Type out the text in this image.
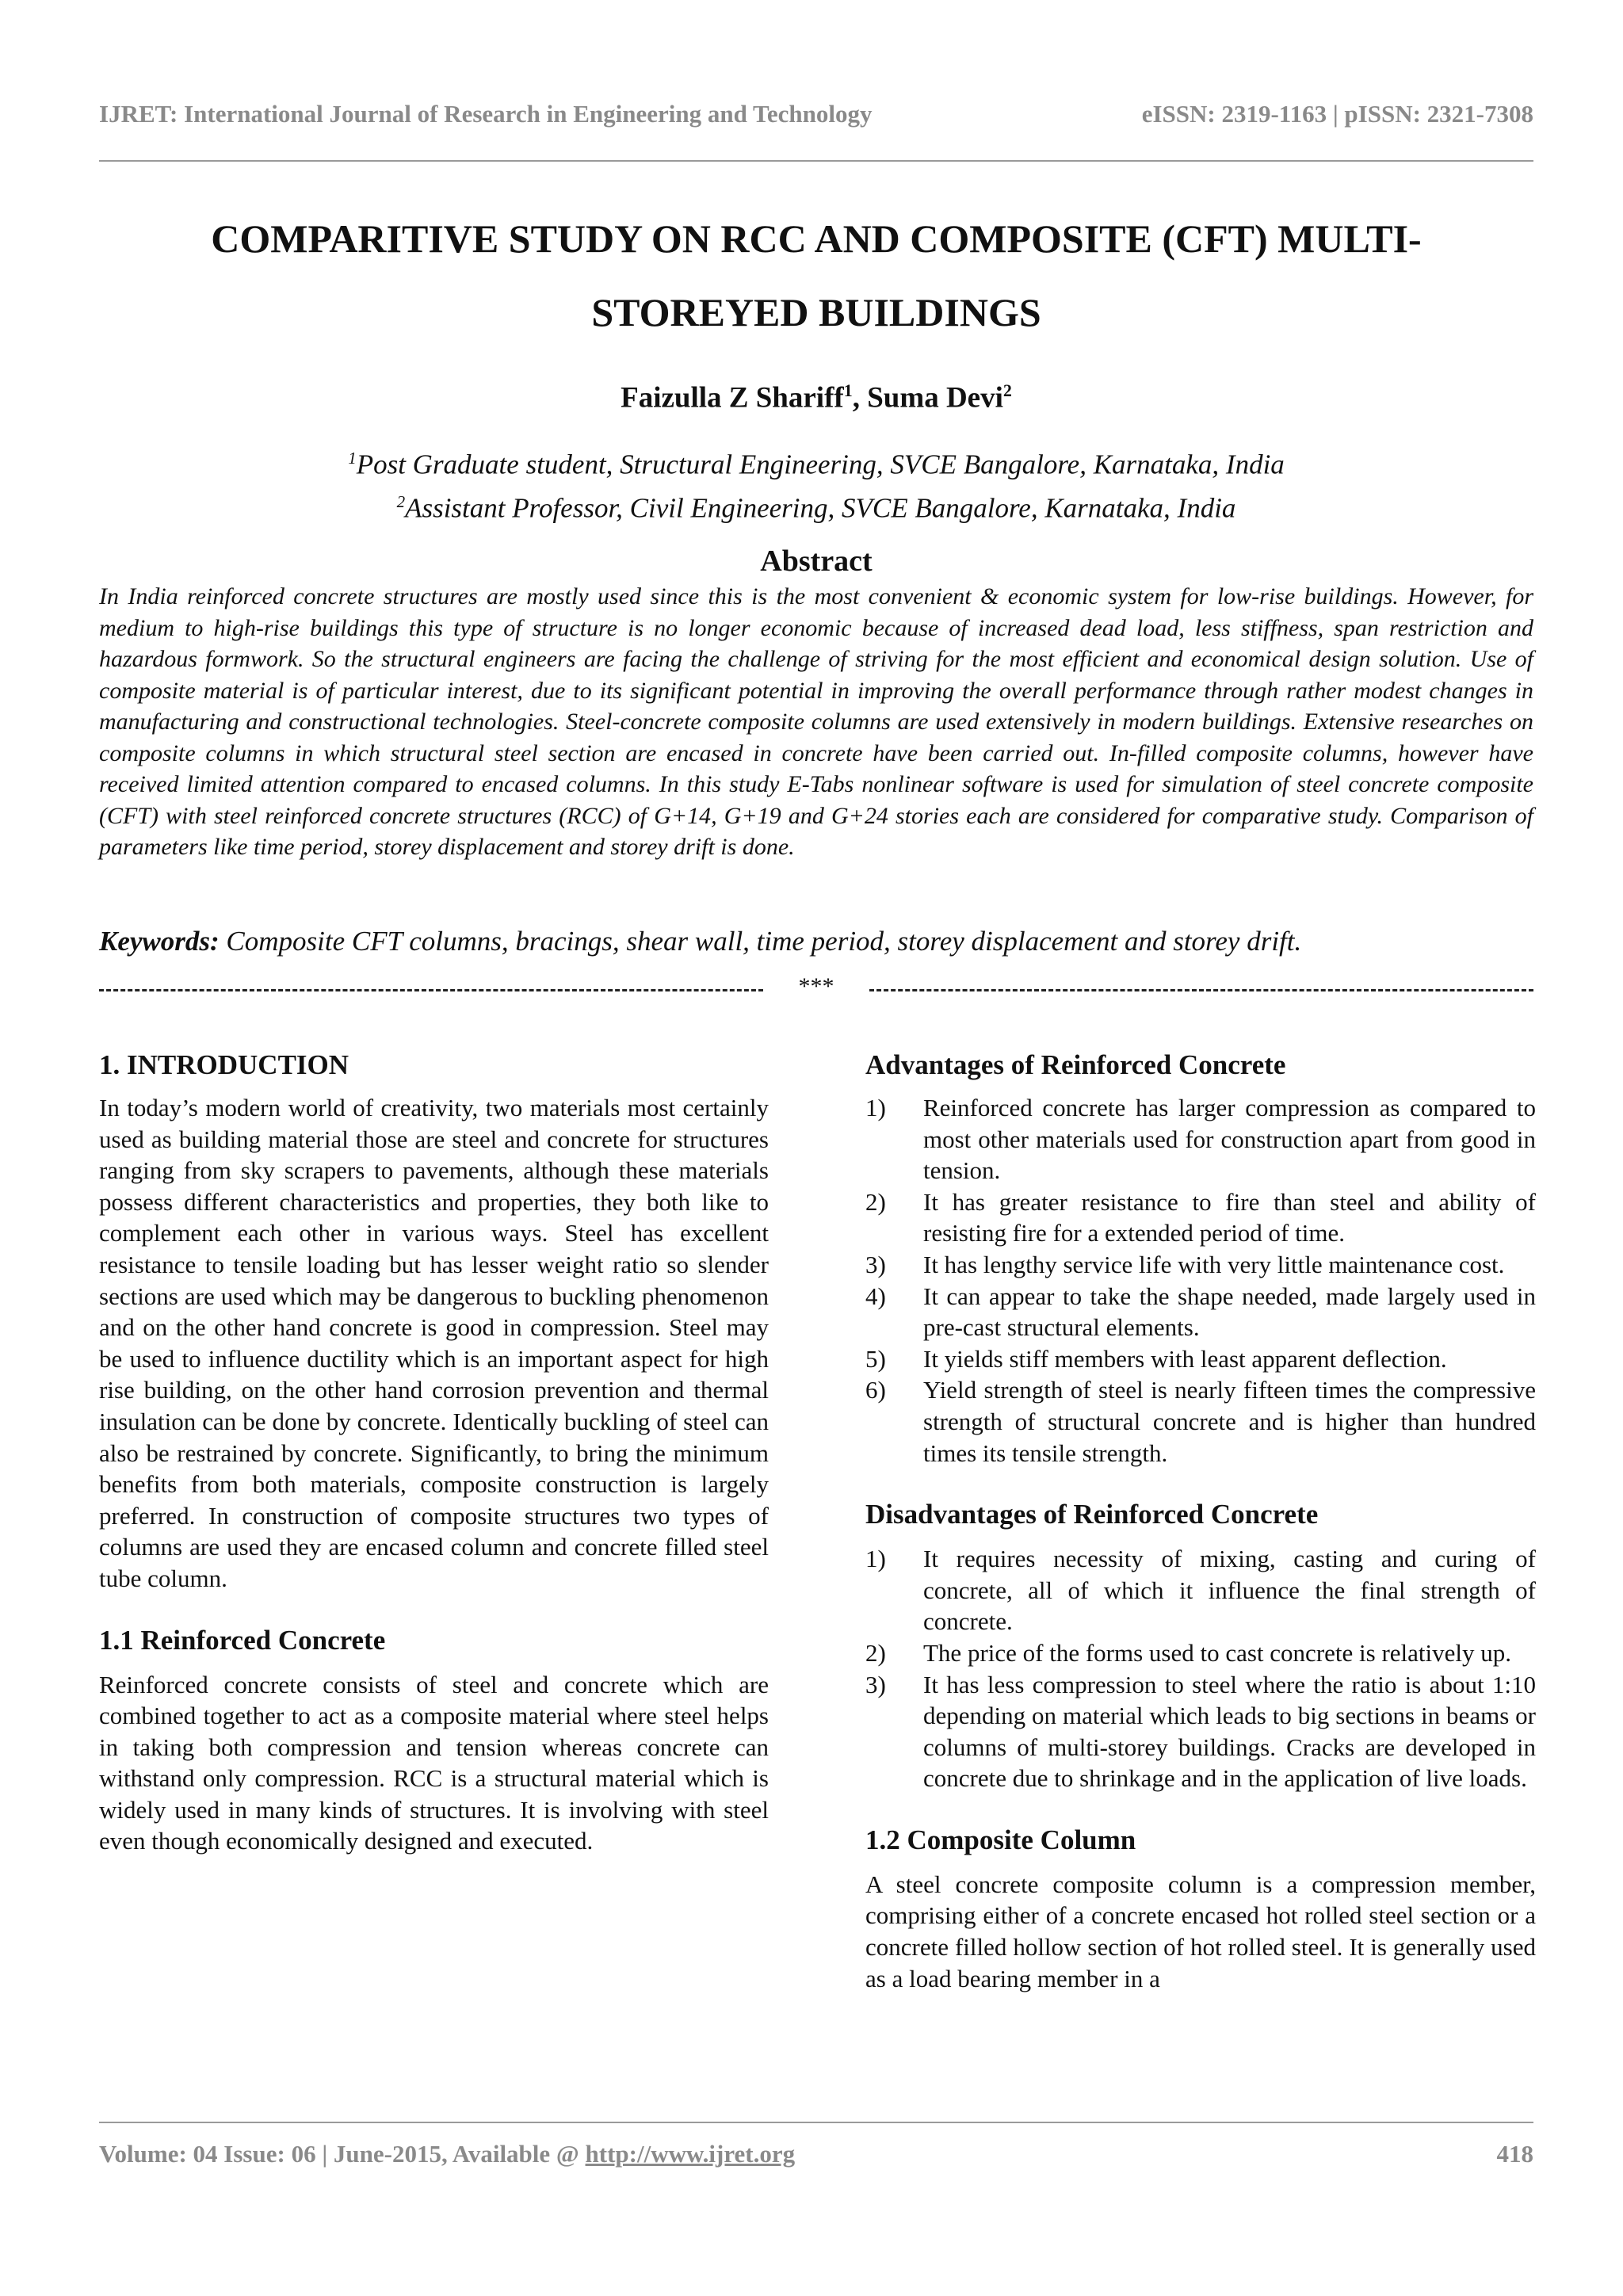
IJRET: International Journal of Research in Engineering and Technology	eISSN: 2319-1163 | pISSN: 2321-7308
COMPARITIVE STUDY ON RCC AND COMPOSITE (CFT) MULTI-
STOREYED BUILDINGS
Faizulla Z Shariff$^1$, Suma Devi$^2$
$^1$Post Graduate student, Structural Engineering, SVCE Bangalore, Karnataka, India
$^2$Assistant Professor, Civil Engineering, SVCE Bangalore, Karnataka, India
Abstract
In India reinforced concrete structures are mostly used since this is the most convenient & economic system for low-rise buildings. However, for medium to high-rise buildings this type of structure is no longer economic because of increased dead load, less stiffness, span restriction and hazardous formwork. So the structural engineers are facing the challenge of striving for the most efficient and economical design solution. Use of composite material is of particular interest, due to its significant potential in improving the overall performance through rather modest changes in manufacturing and constructional technologies. Steel-concrete composite columns are used extensively in modern buildings. Extensive researches on composite columns in which structural steel section are encased in concrete have been carried out. In-filled composite columns, however have received limited attention compared to encased columns. In this study E-Tabs nonlinear software is used for simulation of steel concrete composite (CFT) with steel reinforced concrete structures (RCC) of G+14, G+19 and G+24 stories each are considered for comparative study. Comparison of parameters like time period, storey displacement and storey drift is done.
Keywords: Composite CFT columns, bracings, shear wall, time period, storey displacement and storey drift.
***
1. INTRODUCTION

In today’s modern world of creativity, two materials most certainly used as building material those are steel and concrete for structures ranging from sky scrapers to pavements, although these materials possess different characteristics and properties, they both like to complement each other in various ways. Steel has excellent resistance to tensile loading but has lesser weight ratio so slender sections are used which may be dangerous to buckling phenomenon and on the other hand concrete is good in compression. Steel may be used to influence ductility which is an important aspect for high rise building, on the other hand corrosion prevention and thermal insulation can be done by concrete. Identically buckling of steel can also be restrained by concrete. Significantly, to bring the minimum benefits from both materials, composite construction is largely preferred. In construction of composite structures two types of columns are used they are encased column and concrete filled steel tube column.

1.1 Reinforced Concrete

Reinforced concrete consists of steel and concrete which are combined together to act as a composite material where steel helps in taking both compression and tension whereas concrete can withstand only compression. RCC is a structural material which is widely used in many kinds of structures. It is involving with steel even though economically designed and executed.

Advantages of Reinforced Concrete
1) Reinforced concrete has larger compression as compared to most other materials used for construction apart from good in tension.
2) It has greater resistance to fire than steel and ability of resisting fire for a extended period of time.
3) It has lengthy service life with very little maintenance cost.
4) It can appear to take the shape needed, made largely used in pre-cast structural elements.
5) It yields stiff members with least apparent deflection.
6) Yield strength of steel is nearly fifteen times the compressive strength of structural concrete and is higher than hundred times its tensile strength.
Disadvantages of Reinforced Concrete
1) It requires necessity of mixing, casting and curing of concrete, all of which it influence the final strength of concrete.
2) The price of the forms used to cast concrete is relatively up.
3) It has less compression to steel where the ratio is about 1:10 depending on material which leads to big sections in beams or columns of multi-storey buildings. Cracks are developed in concrete due to shrinkage and in the application of live loads.
1.2 Composite Column

A steel concrete composite column is a compression member, comprising either of a concrete encased hot rolled steel section or a concrete filled hollow section of hot rolled steel. It is generally used as a load bearing member in a

Volume: 04 Issue: 06 | June-2015, Available @ http://www.ijret.org	418
